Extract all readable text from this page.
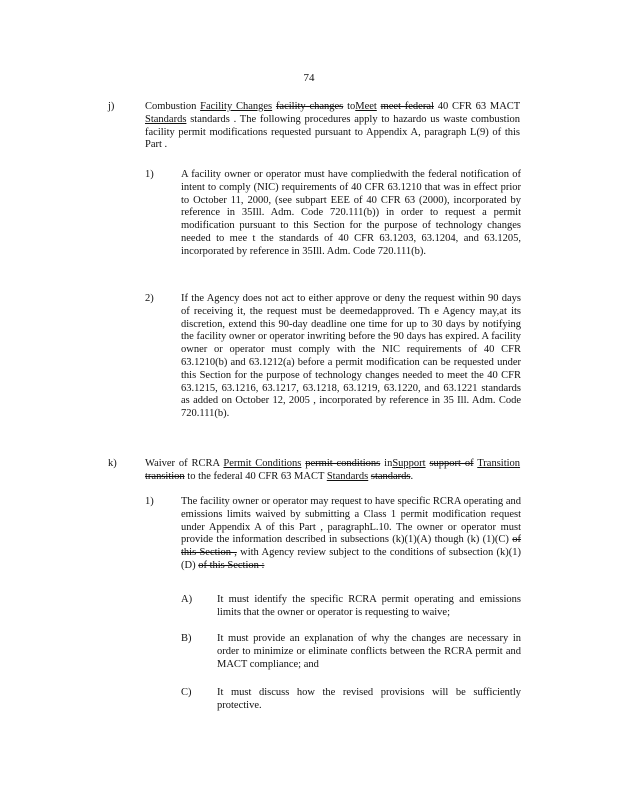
74
j)	Combustion Facility Changes facility changes toMeet meet federal 40 CFR 63 MACT Standards standards . The following procedures apply to hazardo us waste combustion facility permit modifications requested pursuant to Appendix A, paragraph L(9) of this Part .
1)	A facility owner or operator must have compliedwith the federal notification of intent to comply (NIC) requirements of 40 CFR 63.1210 that was in effect prior to October 11, 2000, (see subpart EEE of 40 CFR 63 (2000), incorporated by reference in 35Ill. Adm. Code 720.111(b)) in order to request a permit modification pursuant to this Section for the purpose of technology changes needed to mee t the standards of 40 CFR 63.1203, 63.1204, and 63.1205, incorporated by reference in 35Ill. Adm. Code 720.111(b).
2)	If the Agency does not act to either approve or deny the request within 90 days of receiving it, the request must be deemedapproved. Th e Agency may,at its discretion, extend this 90-day deadline one time for up to 30 days by notifying the facility owner or operator inwriting before the 90 days has expired. A facility owner or operator must comply with the NIC requirements of 40 CFR 63.1210(b) and 63.1212(a) before a permit modification can be requested under this Section for the purpose of technology changes needed to meet the 40 CFR 63.1215, 63.1216, 63.1217, 63.1218, 63.1219, 63.1220, and 63.1221 standards as added on October 12, 2005 , incorporated by reference in 35 Ill. Adm. Code 720.111(b).
k)	Waiver of RCRA Permit Conditions permit conditions inSupport support of Transition transition to the federal 40 CFR 63 MACT Standards standards.
1)	The facility owner or operator may request to have specific RCRA operating and emissions limits waived by submitting a Class 1 permit modification request under Appendix A of this Part , paragraphL.10. The owner or operator must provide the information described in subsections (k)(1)(A) though (k) (1)(C) of this Section , with Agency review subject to the conditions of subsection (k)(1)(D) of this Section :
A) It must identify the specific RCRA permit operating and emissions limits that the owner or operator is requesting to waive;
B) It must provide an explanation of why the changes are necessary in order to minimize or eliminate conflicts between the RCRA permit and MACT compliance; and
C) It must discuss how the revised provisions will be sufficiently protective.
